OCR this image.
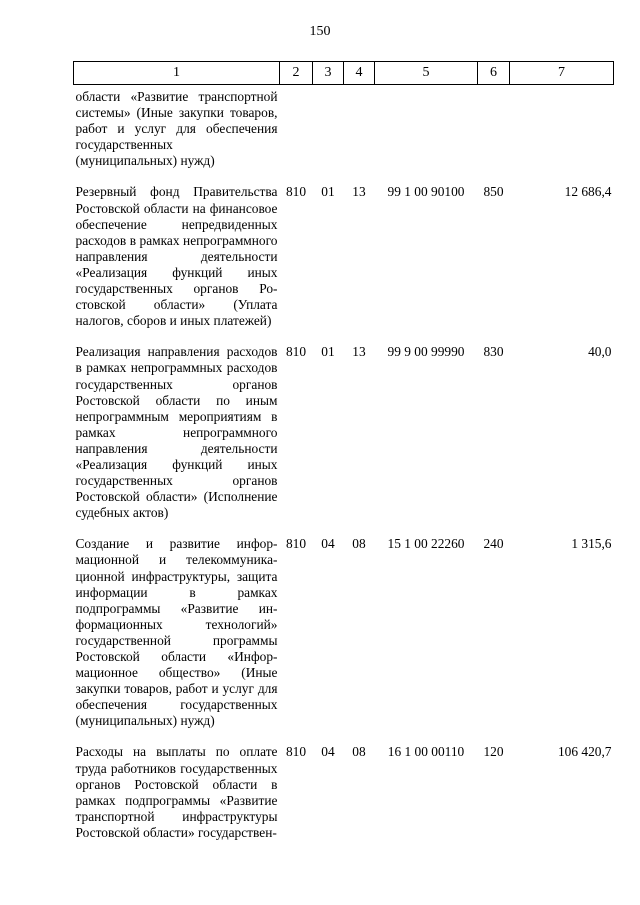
150
1	2	3	4	5	6	7
области «Развитие транспортной системы» (Иные закупки товаров, работ и услуг для обеспечения государственных (муниципальных) нужд)						

Резервный фонд Правительства Ростовской области на финансовое обеспечение непредвиденных расходов в рамках непрограммного направления деятельности «Реализация функций иных государственных органов Ростовской области» (Уплата налогов, сборов и иных платежей)	810	01	13	99 1 00 90100	850	12 686,4

Реализация направления расходов в рамках непрограммных расходов государственных органов Ростовской области по иным непрограммным мероприятиям в рамках непрограммного направления деятельности «Реализация функций иных государственных органов Ростовской области» (Исполнение судебных актов)	810	01	13	99 9 00 99990	830	40,0

Создание и развитие информационной и телекоммуникационной инфраструктуры, защита информации в рамках подпрограммы «Развитие информационных технологий» государственной программы Ростовской области «Информационное общество» (Иные закупки товаров, работ и услуг для обеспечения государственных (муниципальных) нужд)	810	04	08	15 1 00 22260	240	1 315,6

Расходы на выплаты по оплате труда работников государственных органов Ростовской области в рамках подпрограммы «Развитие транспортной инфраструктуры Ростовской области» государствен-	810	04	08	16 1 00 00110	120	106 420,7
